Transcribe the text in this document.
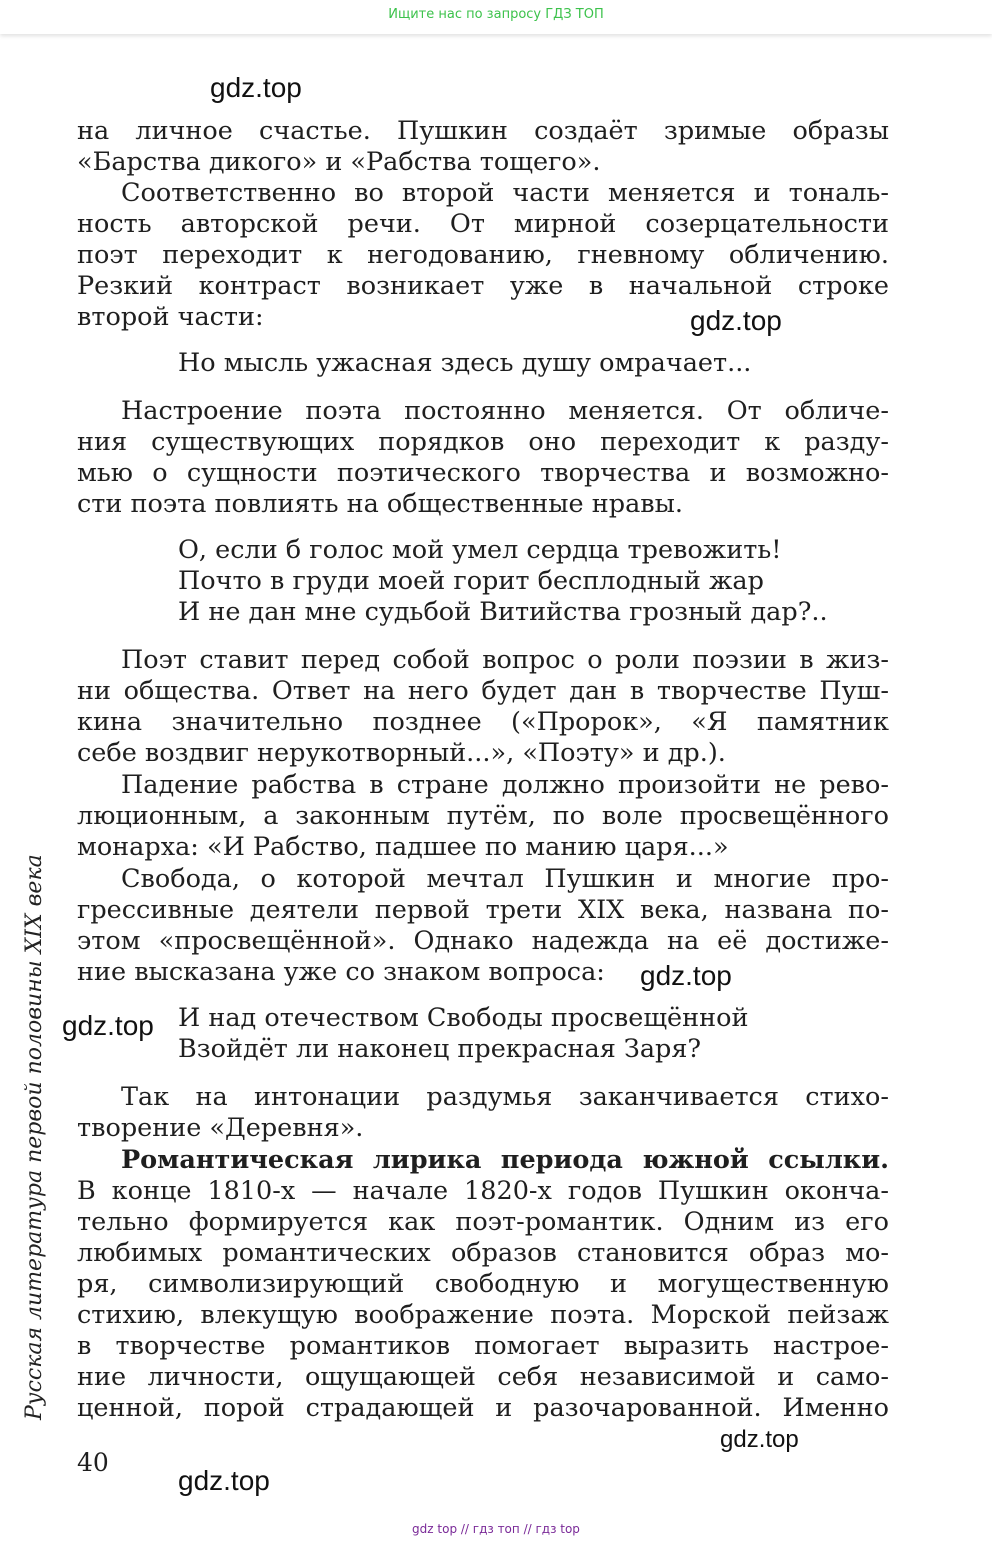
Ищите нас по запросу ГДЗ ТОП
gdz.top
на личное счастье. Пушкин создаёт зримые образы
«Барства дикого» и «Рабства тощего».
Соответственно во второй части меняется и тональ-
ность авторской речи. От мирной созерцательности
поэт переходит к негодованию, гневному обличению.
Резкий контраст возникает уже в начальной строке
второй части:	gdz.top
Но мысль ужасная здесь душу омрачает...
Настроение поэта постоянно меняется. От обличе-
ния существующих порядков оно переходит к разду-
мью о сущности поэтического творчества и возможно-
сти поэта повлиять на общественные нравы.
О, если б голос мой умел сердца тревожить!
Почто в груди моей горит бесплодный жар
И не дан мне судьбой Витийства грозный дар?..
Поэт ставит перед собой вопрос о роли поэзии в жиз-
ни общества. Ответ на него будет дан в творчестве Пуш-
кина значительно позднее («Пророк», «Я памятник
себе воздвиг нерукотворный...», «Поэту» и др.).
Падение рабства в стране должно произойти не рево-
люционным, а законным путём, по воле просвещённого
монарха: «И Рабство, падшее по манию царя...»
Свобода, о которой мечтал Пушкин и многие про-
грессивные деятели первой трети XIX века, названа по-
этом «просвещённой». Однако надежда на её достиже-
ние высказана уже со знаком вопроса:	gdz.top
gdz.top И над отечеством Свободы просвещённой
Взойдёт ли наконец прекрасная Заря?
Так на интонации раздумья заканчивается стихо-
творение «Деревня».
Романтическая лирика периода южной ссылки.
В конце 1810-х — начале 1820-х годов Пушкин оконча-
тельно формируется как поэт-романтик. Одним из его
любимых романтических образов становится образ мо-
ря, символизирующий свободную и могущественную
стихию, влекущую воображение поэта. Морской пейзаж
в творчестве романтиков помогает выразить настрое-
ние личности, ощущающей себя независимой и само-
ценной, порой страдающей и разочарованной. Именно
gdz.top
gdz.top
Русская литература первой половины XIX века
40
gdz top // гдз топ // гдз top
